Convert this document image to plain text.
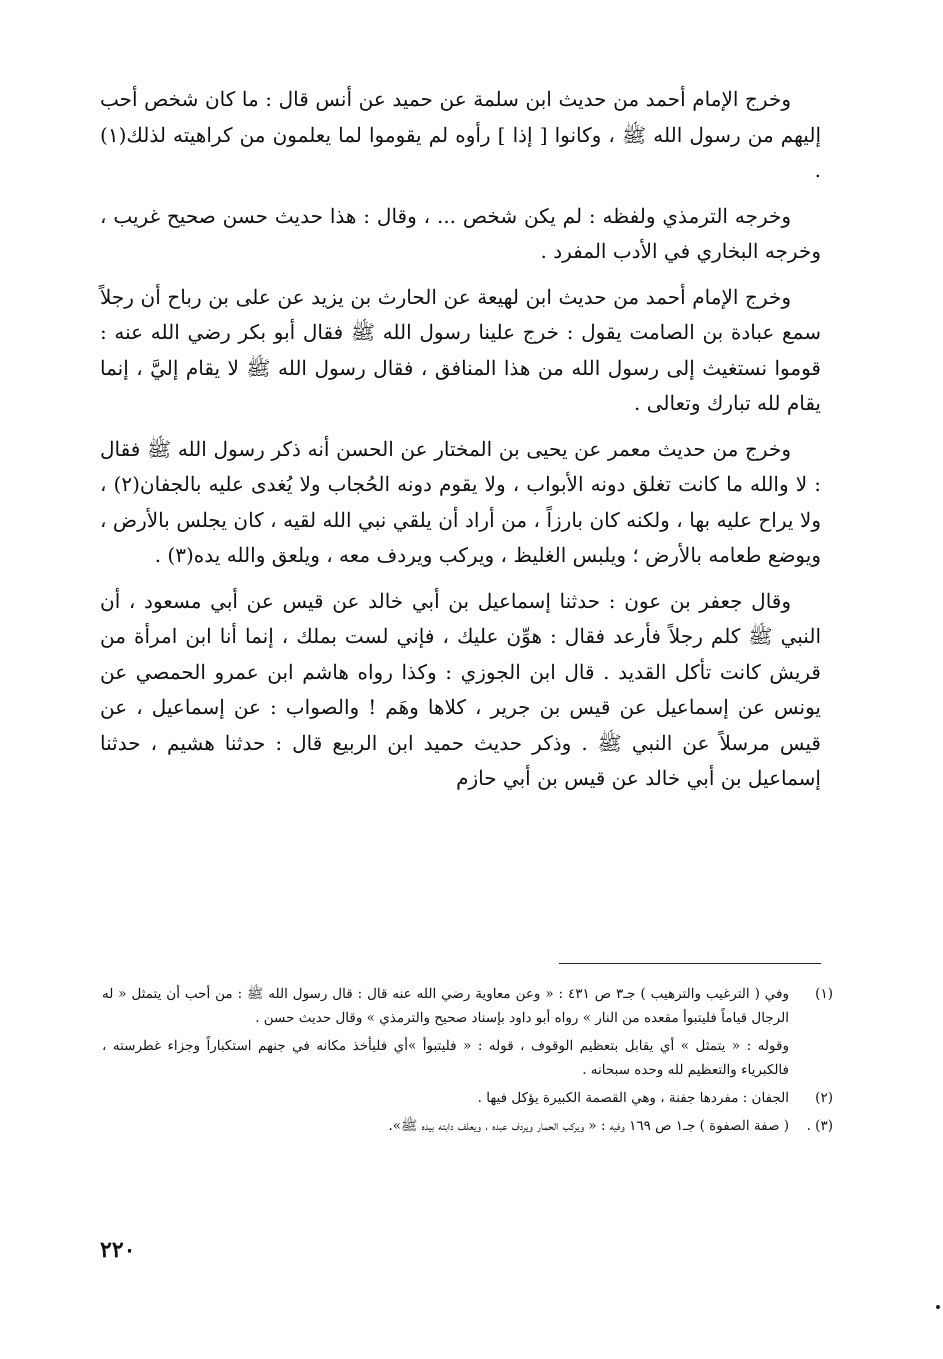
وخرج الإمام أحمد من حديث ابن سلمة عن حميد عن أنس قال : ما كان شخص أحب إليهم من رسول الله ﷺ ، وكانوا [ إذا ] رأوه لم يقوموا لما يعلمون من كراهيته لذلك(١) .

وخرجه الترمذي ولفظه : لم يكن شخص ... ، وقال : هذا حديث حسن صحيح غريب ، وخرجه البخاري في الأدب المفرد .

وخرج الإمام أحمد من حديث ابن لهيعة عن الحارث بن يزيد عن على بن رباح أن رجلاً سمع عبادة بن الصامت يقول : خرج علينا رسول الله ﷺ فقال أبو بكر رضي الله عنه : قوموا نستغيث إلى رسول الله من هذا المنافق ، فقال رسول الله ﷺ لا يقام إليَّ ، إنما يقام لله تبارك وتعالى .

وخرج من حديث معمر عن يحيى بن المختار عن الحسن أنه ذكر رسول الله ﷺ فقال : لا والله ما كانت تغلق دونه الأبواب ، ولا يقوم دونه الحُجاب ولا يُغدى عليه بالجفان(٢) ، ولا يراح عليه بها ، ولكنه كان بارزاً ، من أراد أن يلقي نبي الله لقيه ، كان يجلس بالأرض ، ويوضع طعامه بالأرض ؛ ويلبس الغليظ ، ويركب ويردف معه ، ويلعق والله يده(٣) .

وقال جعفر بن عون : حدثنا إسماعيل بن أبي خالد عن قيس عن أبي مسعود ، أن النبي ﷺ كلم رجلاً فأرعد فقال : هوِّن عليك ، فإني لست بملك ، إنما أنا ابن امرأة من قريش كانت تأكل القديد . قال ابن الجوزي : وكذا رواه هاشم ابن عمرو الحمصي عن يونس عن إسماعيل عن قيس بن جرير ، كلاها وهَم ! والصواب : عن إسماعيل ، عن قيس مرسلاً عن النبي ﷺ . وذكر حديث حميد ابن الربيع قال : حدثنا هشيم ، حدثنا إسماعيل بن أبي خالد عن قيس بن أبي حازم

(١)

وفي ( الترغيب والترهيب ) جـ٣ ص ٤٣١ : « وعن معاوية رضي الله عنه قال : قال رسول الله ﷺ : من أحب أن يتمثل « له الرجال قياماً فليتبوأ مقعده من النار » رواه أبو داود بإسناد صحيح والترمذي » وقال حديث حسن .

وقوله : « يتمثل » أي يقابل بتعظيم الوقوف ، قوله : « فليتبوأ »أي فليأخذ مكانه في جنهم استكباراً وجزاء غطرسته ، فالكبرياء والتعظيم لله وحده سبحانه .

(٢)

الجفان : مفردها جفنة ، وهي القصمة الكبيرة يؤكل فيها .

(٣) .

( صفة الصفوة ) جـ١ ص ١٦٩ وفيه : « ويركب الحمار ويردف عبده ، ويعلف دابته بيده ﷺ».

٢٢٠
